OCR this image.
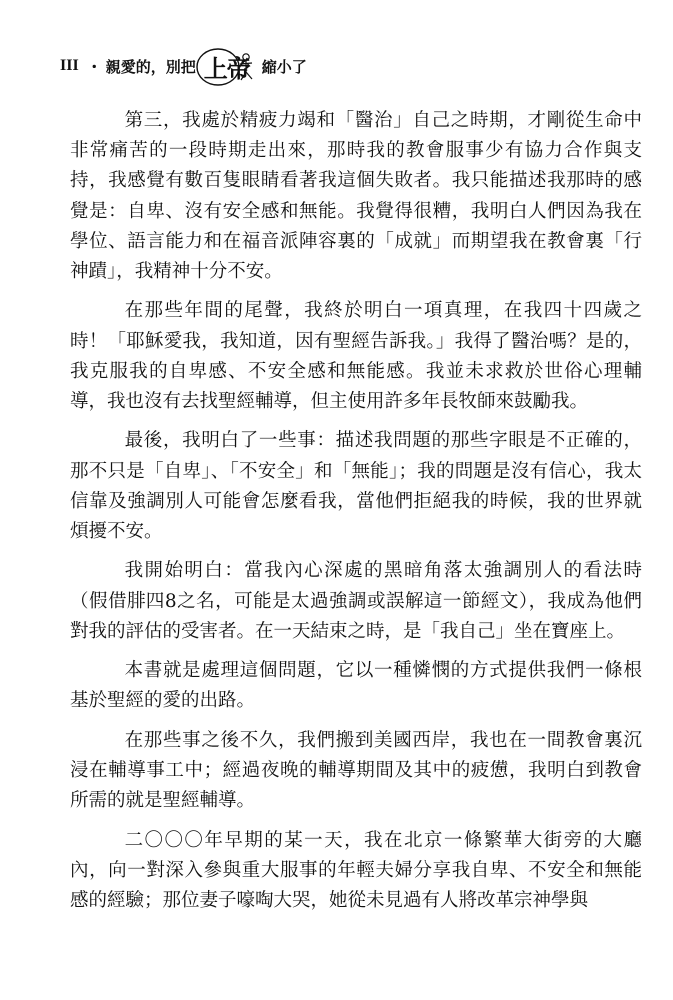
III ・ 親愛的，別把 上帝 縮小了

第三，我處於精疲力竭和「醫治」自己之時期，才剛從生命中非常痛苦的一段時期走出來，那時我的教會服事少有協力合作與支持，我感覺有數百隻眼睛看著我這個失敗者。我只能描述我那時的感覺是：自卑、沒有安全感和無能。我覺得很糟，我明白人們因為我在學位、語言能力和在福音派陣容裏的「成就」而期望我在教會裏「行神蹟」，我精神十分不安。

在那些年間的尾聲，我終於明白一項真理，在我四十四歲之時！「耶穌愛我，我知道，因有聖經告訴我。」我得了醫治嗎？是的，我克服我的自卑感、不安全感和無能感。我並未求救於世俗心理輔導，我也沒有去找聖經輔導，但主使用許多年長牧師來鼓勵我。

最後，我明白了一些事：描述我問題的那些字眼是不正確的，那不只是「自卑」、「不安全」和「無能」；我的問題是沒有信心，我太信靠及強調別人可能會怎麼看我，當他們拒絕我的時候，我的世界就煩擾不安。

我開始明白：當我內心深處的黑暗角落太強調別人的看法時（假借腓四8之名，可能是太過強調或誤解這一節經文），我成為他們對我的評估的受害者。在一天結束之時，是「我自己」坐在寶座上。

本書就是處理這個問題，它以一種憐憫的方式提供我們一條根基於聖經的愛的出路。

在那些事之後不久，我們搬到美國西岸，我也在一間教會裏沉浸在輔導事工中；經過夜晚的輔導期間及其中的疲憊，我明白到教會所需的就是聖經輔導。

二〇〇〇年早期的某一天，我在北京一條繁華大街旁的大廳內，向一對深入參與重大服事的年輕夫婦分享我自卑、不安全和無能感的經驗；那位妻子嚎啕大哭，她從未見過有人將改革宗神學與
